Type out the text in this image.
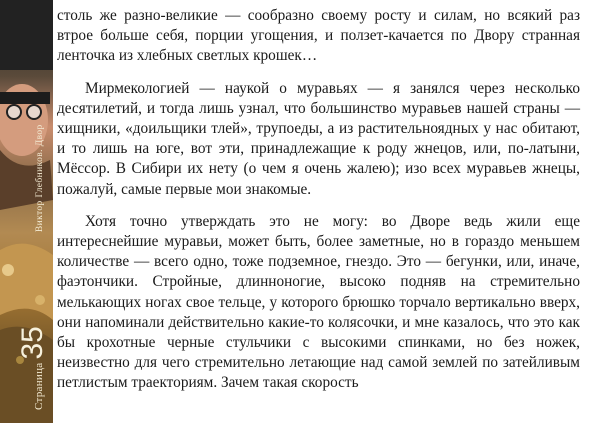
Страница
35
Виктор Глебников. Двор

столь же разно-великие — сообразно своему росту и силам, но всякий раз втрое больше себя, порции угощения, и ползет-качается по Двору странная ленточка из хлебных светлых крошек…

Мирмекологией — наукой о муравьях — я занялся через несколько десятилетий, и тогда лишь узнал, что большинство муравьев нашей страны — хищники, «доильщики тлей», трупоеды, а из растительноядных у нас обитают, и то лишь на юге, вот эти, принадлежащие к роду жнецов, или, по-латыни, Мёссор. В Сибири их нету (о чем я очень жалею); изо всех муравьев жнецы, пожалуй, самые первые мои знакомые.

Хотя точно утверждать это не могу: во Дворе ведь жили еще интереснейшие муравьи, может быть, более заметные, но в гораздо меньшем количестве — всего одно, тоже подземное, гнездо. Это — бегунки, или, иначе, фаэтончики. Стройные, длинноногие, высоко подняв на стремительно мелькающих ногах свое тельце, у которого брюшко торчало вертикально вверх, они напоминали действительно какие-то колясочки, и мне казалось, что это как бы крохотные черные стульчики с высокими спинками, но без ножек, неизвестно для чего стремительно летающие над самой землей по затейливым петлистым траекториям. Зачем такая скорость
